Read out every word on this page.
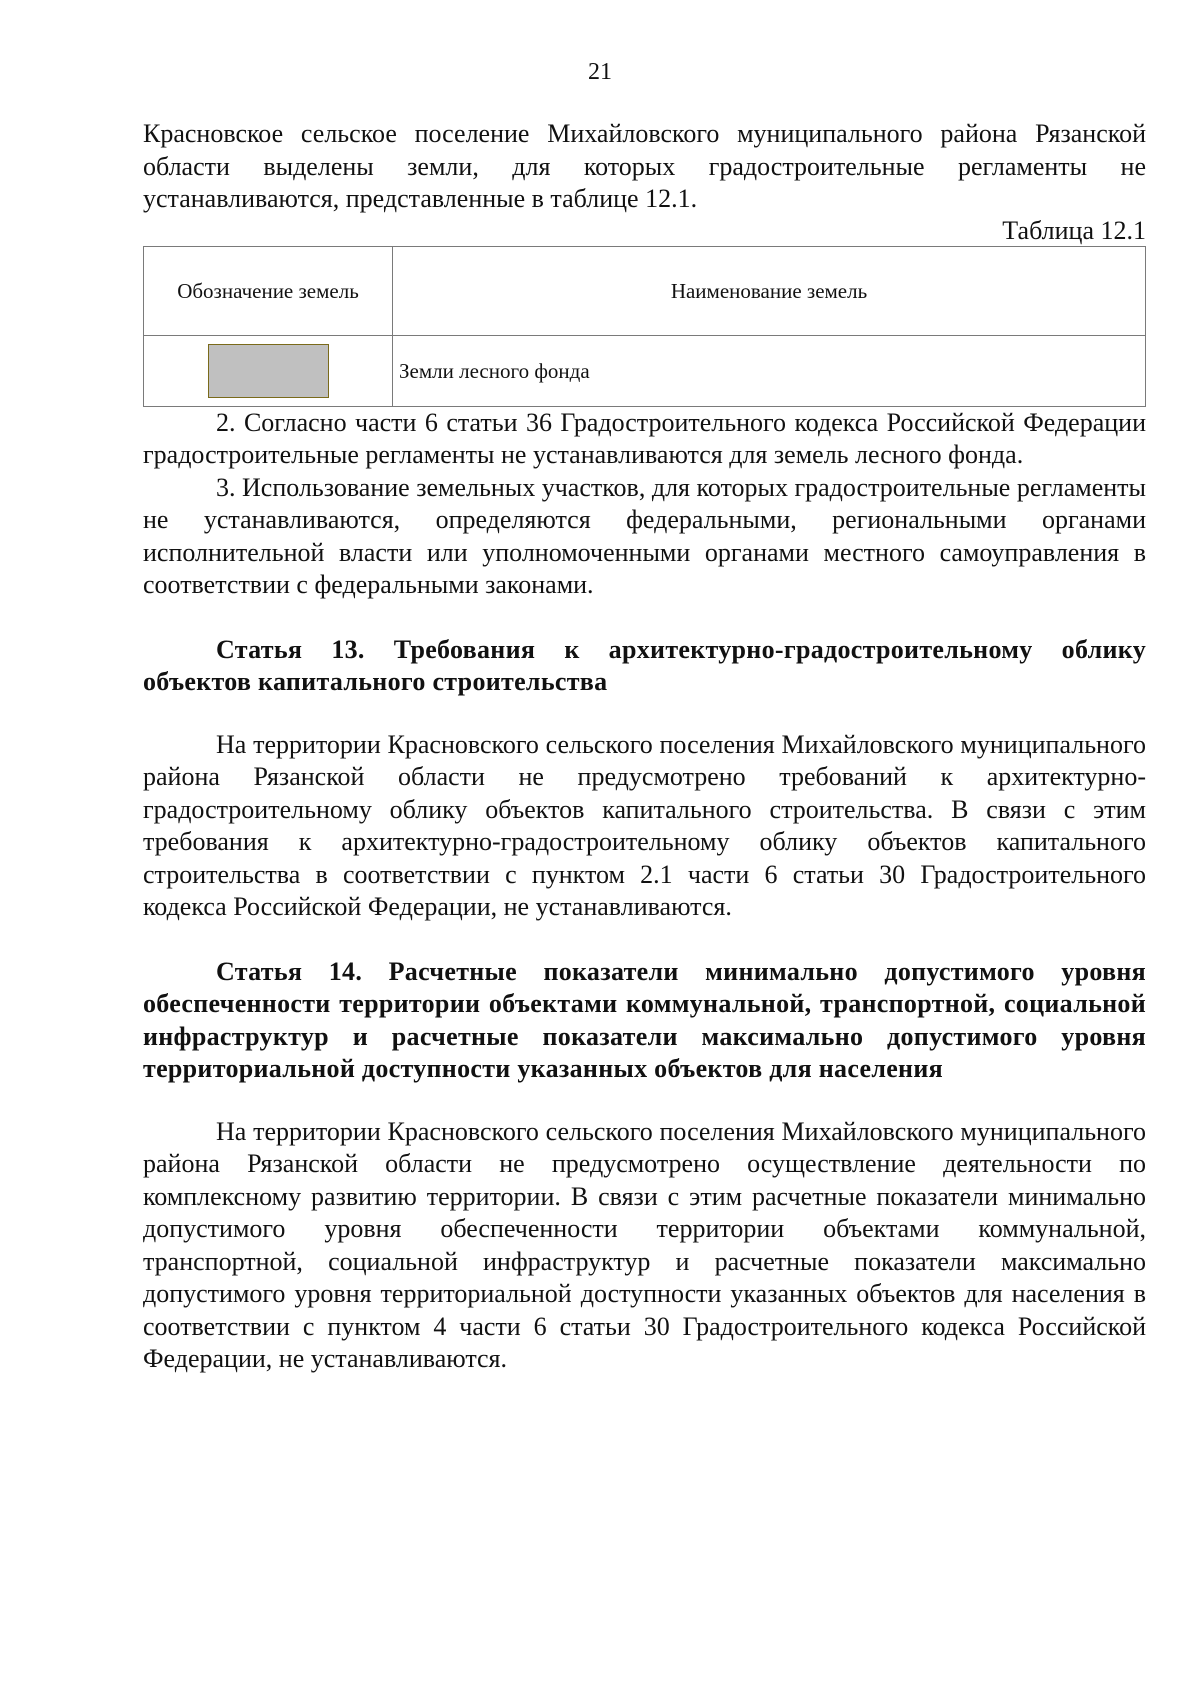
21

Красновское сельское поселение Михайловского муниципального района Рязанской области выделены земли, для которых градостроительные регламенты не устанавливаются, представленные в таблице 12.1.

Таблица 12.1
Обозначение земель	Наименование земель

	Земли лесного фонда

2. Согласно части 6 статьи 36 Градостроительного кодекса Российской Федерации градостроительные регламенты не устанавливаются для земель лесного фонда.

3. Использование земельных участков, для которых градостроительные регламенты не устанавливаются, определяются федеральными, региональными органами исполнительной власти или уполномоченными органами местного самоуправления в соответствии с федеральными законами.

Статья 13. Требования к архитектурно-градостроительному облику объектов капитального строительства

На территории Красновского сельского поселения Михайловского муниципального района Рязанской области не предусмотрено требований к архитектурно-градостроительному облику объектов капитального строительства. В связи с этим требования к архитектурно-градостроительному облику объектов капитального строительства в соответствии с пунктом 2.1 части 6 статьи 30 Градостроительного кодекса Российской Федерации, не устанавливаются.

Статья 14. Расчетные показатели минимально допустимого уровня обеспеченности территории объектами коммунальной, транспортной, социальной инфраструктур и расчетные показатели максимально допустимого уровня территориальной доступности указанных объектов для населения

На территории Красновского сельского поселения Михайловского муниципального района Рязанской области не предусмотрено осуществление деятельности по комплексному развитию территории. В связи с этим расчетные показатели минимально допустимого уровня обеспеченности территории объектами коммунальной, транспортной, социальной инфраструктур и расчетные показатели максимально допустимого уровня территориальной доступности указанных объектов для населения в соответствии с пунктом 4 части 6 статьи 30 Градостроительного кодекса Российской Федерации, не устанавливаются.
